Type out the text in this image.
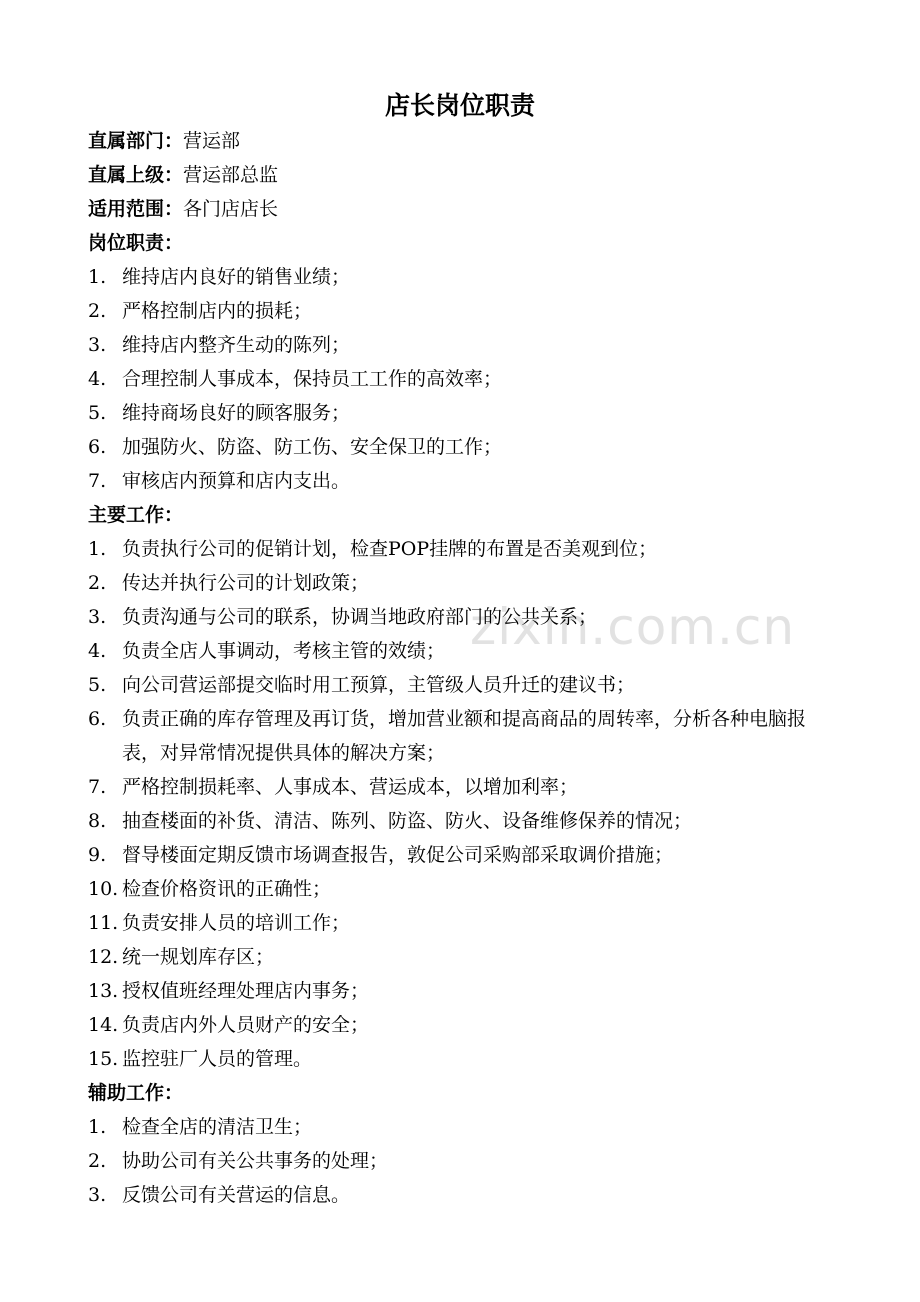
店长岗位职责
zixin.com.cn
直属部门：营运部
直属上级：营运部总监
适用范围：各门店店长
岗位职责：
1. 维持店内良好的销售业绩；
2. 严格控制店内的损耗；
3. 维持店内整齐生动的陈列；
4. 合理控制人事成本，保持员工工作的高效率；
5. 维持商场良好的顾客服务；
6. 加强防火、防盗、防工伤、安全保卫的工作；
7. 审核店内预算和店内支出。
主要工作：
1. 负责执行公司的促销计划，检查POP挂牌的布置是否美观到位；
2. 传达并执行公司的计划政策；
3. 负责沟通与公司的联系，协调当地政府部门的公共关系；
4. 负责全店人事调动，考核主管的效绩；
5. 向公司营运部提交临时用工预算，主管级人员升迁的建议书；
6. 负责正确的库存管理及再订货，增加营业额和提高商品的周转率，分析各种电脑报表，对异常情况提供具体的解决方案；
7. 严格控制损耗率、人事成本、营运成本，以增加利率；
8. 抽查楼面的补货、清洁、陈列、防盗、防火、设备维修保养的情况；
9. 督导楼面定期反馈市场调查报告，敦促公司采购部采取调价措施；
10. 检查价格资讯的正确性；
11. 负责安排人员的培训工作；
12. 统一规划库存区；
13. 授权值班经理处理店内事务；
14. 负责店内外人员财产的安全；
15. 监控驻厂人员的管理。
辅助工作：
1. 检查全店的清洁卫生；
2. 协助公司有关公共事务的处理；
3. 反馈公司有关营运的信息。
